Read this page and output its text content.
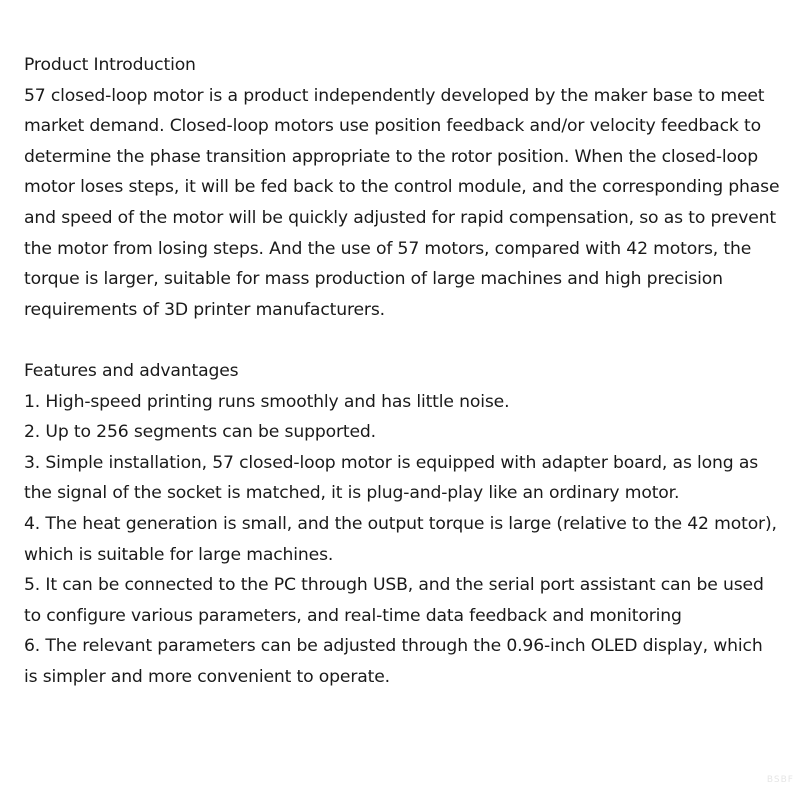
Product Introduction

57 closed-loop motor is a product independently developed by the maker base to meet market demand. Closed-loop motors use position feedback and/or velocity feedback to determine the phase transition appropriate to the rotor position. When the closed-loop motor loses steps, it will be fed back to the control module, and the corresponding phase and speed of the motor will be quickly adjusted for rapid compensation, so as to prevent the motor from losing steps. And the use of 57 motors, compared with 42 motors, the torque is larger, suitable for mass production of large machines and high precision requirements of 3D printer manufacturers.

Features and advantages

1. High-speed printing runs smoothly and has little noise.

2. Up to 256 segments can be supported.

3. Simple installation, 57 closed-loop motor is equipped with adapter board, as long as the signal of the socket is matched, it is plug-and-play like an ordinary motor.

4. The heat generation is small, and the output torque is large (relative to the 42 motor), which is suitable for large machines.

5. It can be connected to the PC through USB, and the serial port assistant can be used to configure various parameters, and real-time data feedback and monitoring

6. The relevant parameters can be adjusted through the 0.96-inch OLED display, which is simpler and more convenient to operate.

BSBF
